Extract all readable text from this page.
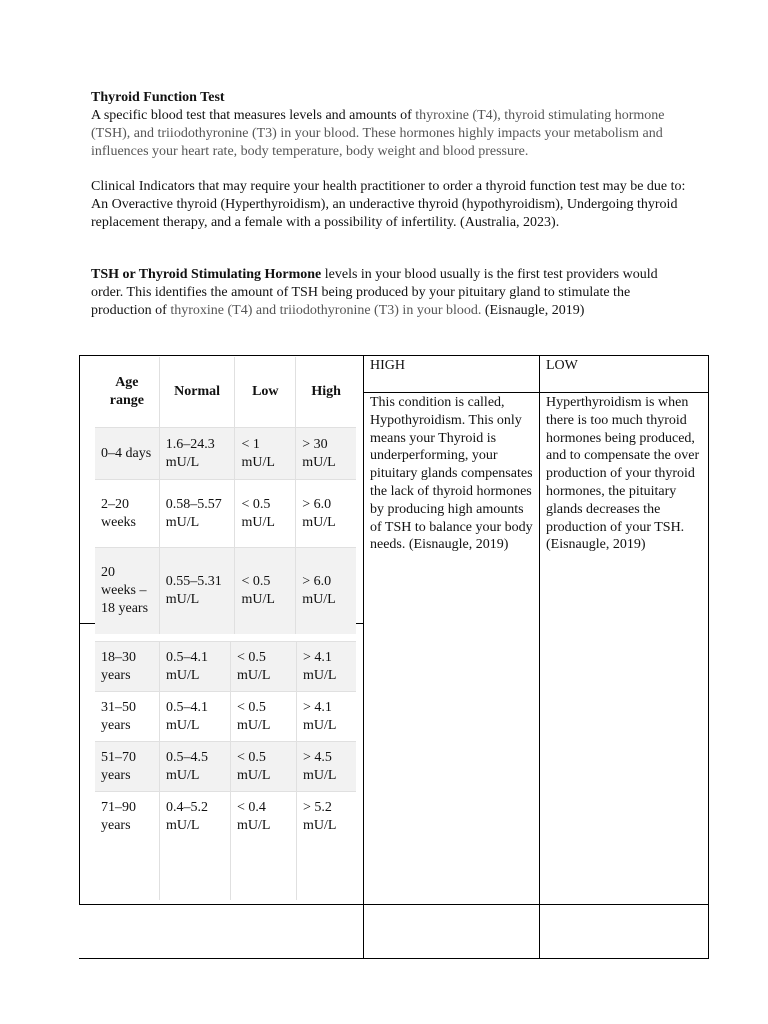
Thyroid Function Test
A specific blood test that measures levels and amounts of thyroxine (T4), thyroid stimulating hormone (TSH), and triiodothyronine (T3) in your blood. These hormones highly impacts your metabolism and influences your heart rate, body temperature, body weight and blood pressure.
Clinical Indicators that may require your health practitioner to order a thyroid function test may be due to: An Overactive thyroid (Hyperthyroidism), an underactive thyroid (hypothyroidism), Undergoing thyroid replacement therapy, and a female with a possibility of infertility. (Australia, 2023).
TSH or Thyroid Stimulating Hormone levels in your blood usually is the first test providers would order. This identifies the amount of TSH being produced by your pituitary gland to stimulate the production of thyroxine (T4) and triiodothyronine (T3) in your blood. (Eisnaugle, 2019)
HIGH	LOW
This condition is called, Hypothyroidism. This only means your Thyroid is underperforming, your pituitary glands compensates the lack of thyroid hormones by producing high amounts of TSH to balance your body needs. (Eisnaugle, 2019)
Hyperthyroidism is when there is too much thyroid hormones being produced, and to compensate the over production of your thyroid hormones, the pituitary glands decreases the production of your TSH. (Eisnaugle, 2019)
Age range	Normal	Low	High
0–4 days	1.6–24.3 mU/L	< 1 mU/L	> 30 mU/L
2–20 weeks	0.58–5.57 mU/L	< 0.5 mU/L	> 6.0 mU/L
20 weeks – 18 years	0.55–5.31 mU/L	< 0.5 mU/L	> 6.0 mU/L
18–30 years	0.5–4.1 mU/L	< 0.5 mU/L	> 4.1 mU/L
31–50 years	0.5–4.1 mU/L	< 0.5 mU/L	> 4.1 mU/L
51–70 years	0.5–4.5 mU/L	< 0.5 mU/L	> 4.5 mU/L
71–90 years	0.4–5.2 mU/L	< 0.4 mU/L	> 5.2 mU/L
